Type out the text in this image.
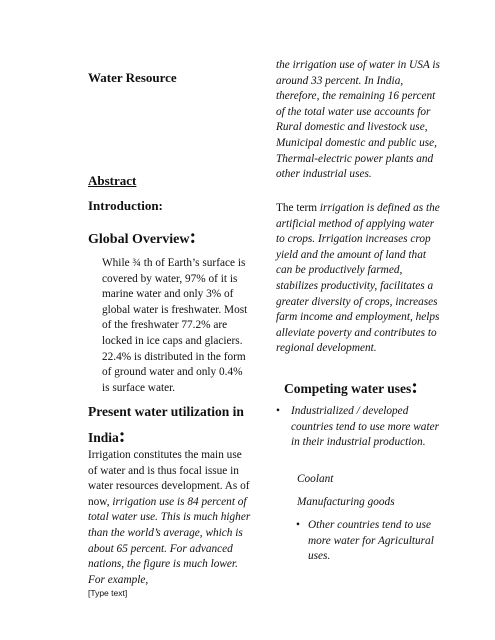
Water Resource
Abstract
Introduction:
Global Overview:
While ¾ th of Earth’s surface is covered by water, 97% of it is marine water and only 3% of global water is freshwater. Most of the freshwater 77.2% are locked in ice caps and glaciers. 22.4% is distributed in the form of ground water and only 0.4% is surface water.
Present water utilization in India:
Irrigation constitutes the main use of water and is thus focal issue in water resources development. As of now, irrigation use is 84 percent of total water use. This is much higher than the world’s average, which is about 65 percent. For advanced nations, the figure is much lower. For example,
the irrigation use of water in USA is around 33 percent. In India, therefore, the remaining 16 percent of the total water use accounts for Rural domestic and livestock use, Municipal domestic and public use, Thermal-electric power plants and other industrial uses.
The term irrigation is defined as the artificial method of applying water to crops. Irrigation increases crop yield and the amount of land that can be productively farmed, stabilizes productivity, facilitates a greater diversity of crops, increases farm income and employment, helps alleviate poverty and contributes to regional development.
Competing water uses:
• Industrialized / developed countries tend to use more water in their industrial production.
Coolant
Manufacturing goods
• Other countries tend to use more water for Agricultural uses.
[Type text]
